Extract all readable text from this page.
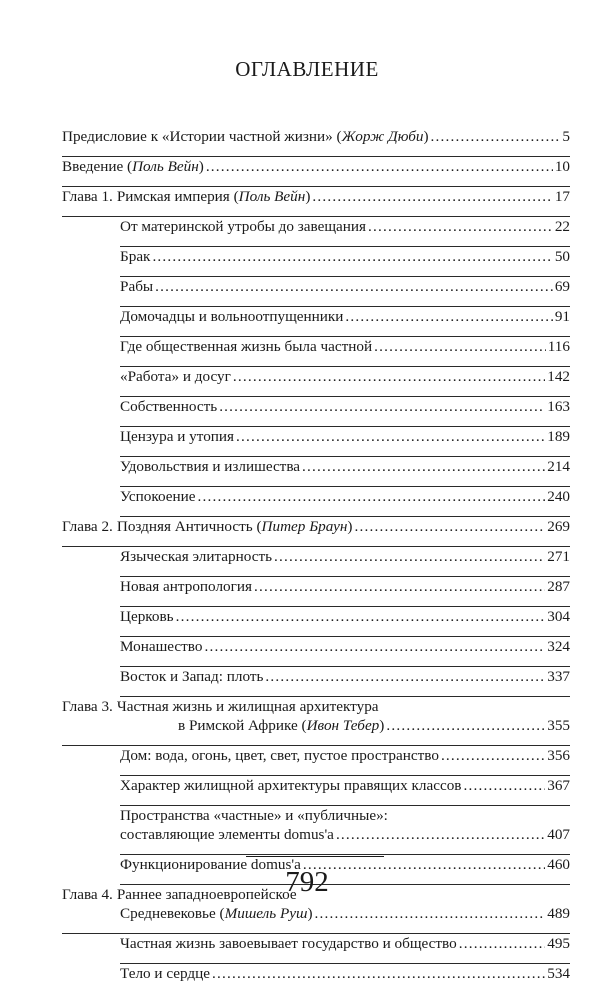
ОГЛАВЛЕНИЕ
Предисловие к «Истории частной жизни» (Жорж Дюби) .....	5
Введение (Поль Вейн) .....	10
Глава 1. Римская империя (Поль Вейн) .....	17
От материнской утробы до завещания .....	22
Брак .....	50
Рабы .....	69
Домочадцы и вольноотпущенники .....	91
Где общественная жизнь была частной .....	116
«Работа» и досуг .....	142
Собственность .....	163
Цензура и утопия .....	189
Удовольствия и излишества .....	214
Успокоение .....	240
Глава 2. Поздняя Античность (Питер Браун) .....	269
Языческая элитарность .....	271
Новая антропология .....	287
Церковь .....	304
Монашество .....	324
Восток и Запад: плоть .....	337
Глава 3. Частная жизнь и жилищная архитектура
в Римской Африке (Ивон Тебер) .....	355
Дом: вода, огонь, цвет, свет, пустое пространство .....	356
Характер жилищной архитектуры правящих классов .....	367
Пространства «частные» и «публичные»:
составляющие элементы domus'а .....	407
Функционирование domus'а .....	460
Глава 4. Раннее западноевропейское
Средневековье (Мишель Руш) .....	489
Частная жизнь завоевывает государство и общество .....	495
Тело и сердце .....	534
792
